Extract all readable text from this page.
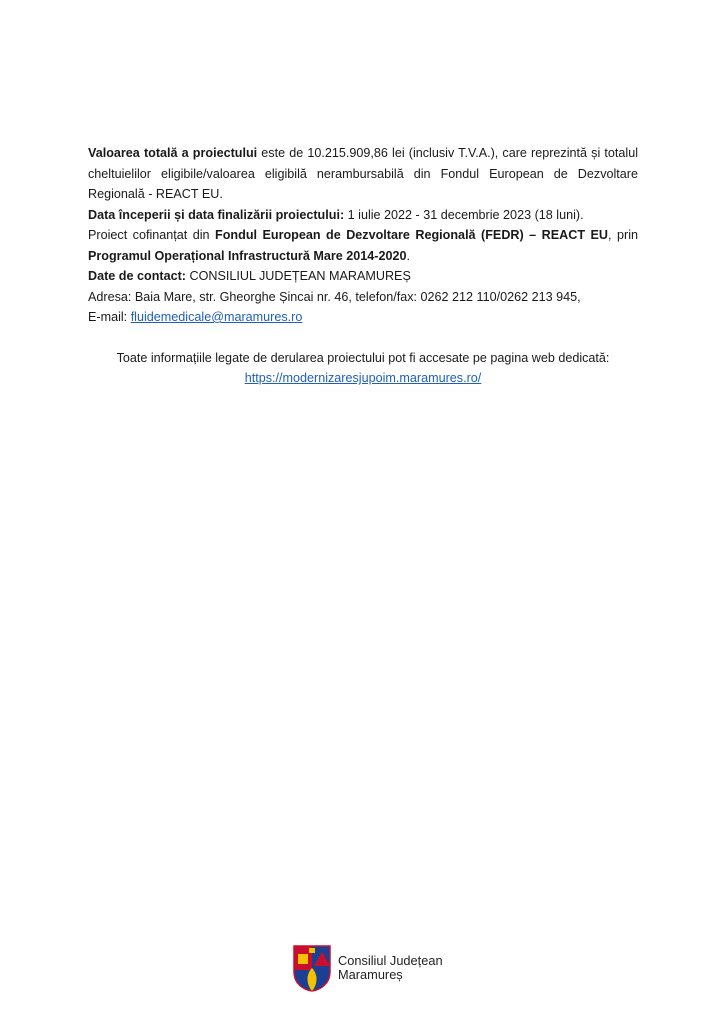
Valoarea totală a proiectului este de 10.215.909,86 lei (inclusiv T.V.A.), care reprezintă și totalul cheltuielilor eligibile/valoarea eligibilă nerambursabilă din Fondul European de Dezvoltare Regională - REACT EU.

Data începerii și data finalizării proiectului: 1 iulie 2022 - 31 decembrie 2023 (18 luni).

Proiect cofinanțat din Fondul European de Dezvoltare Regională (FEDR) – REACT EU, prin Programul Operațional Infrastructură Mare 2014-2020.

Date de contact: CONSILIUL JUDEȚEAN MARAMUREȘ

Adresa: Baia Mare, str. Gheorghe Șincai nr. 46, telefon/fax: 0262 212 110/0262 213 945,

E-mail: fluidemedicale@maramures.ro

Toate informațiile legate de derularea proiectului pot fi accesate pe pagina web dedicată:
https://modernizaresjupoim.maramures.ro/

Consiliul Județean
Maramureș
